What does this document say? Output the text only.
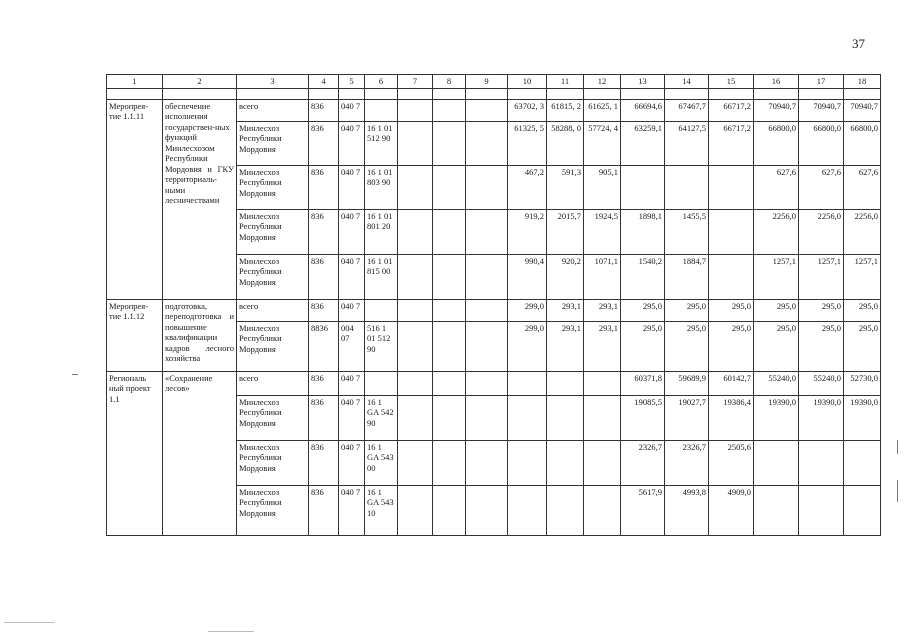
37
1	2	3	4	5	6	7	8	9	10	11	12	13	14	15	16	17	18

Меропрея-тие 1.1.11	обеспечение исполнения государствен-ных функций Минлесхозом Республики Мордовия и ГКУ территориаль-ными лесничествами	всего	836	040 7					63702, 3	61815, 2	61625, 1	66694,6	67467,7	66717,2	70940,7	70940,7	70940,7
		Минлесхоз Республики Мордовия	836	040 7	16 1 01 512 90				61325, 5	58288, 0	57724, 4	63259,1	64127,5	66717,2	66800,0	66800,0	66800,0
		Минлесхоз Республики Мордовия	836	040 7	16 1 01 803 90				467,2	591,3	905,1				627,6	627,6	627,6
		Минлесхоз Республики Мордовия	836	040 7	16 1 01 801 20				919,2	2015,7	1924,5	1898,1	1455,5		2256,0	2256,0	2256,0
		Минлесхоз Республики Мордовия	836	040 7	16 1 01 815 00				990,4	920,2	1071,1	1540,2	1884,7		1257,1	1257,1	1257,1
Меропрея-тие 1.1.12	подготовка, переподготовка и повышение квалификации кадров лесного хозяйства	всего	836	040 7					299,0	293,1	293,1	295,0	295,0	295,0	295,0	295,0	295,0
		Минлесхоз Республики Мордовия	8836	004 07	516 1 01 512 90				299,0	293,1	293,1	295,0	295,0	295,0	295,0	295,0	295,0
Региональ ный проект 1.1	«Сохранение лесов»	всего	836	040 7								60371,8	59689,9	60142,7	55240,0	55240,0	52730,0
		Минлесхоз Республики Мордовия	836	040 7	16 1 GA 542 90							19085,5	19027,7	19386,4	19390,0	19390,0	19390,0
		Минлесхоз Республики Мордовия	836	040 7	16 1 GA 543 00							2326,7	2326,7	2505,6			
		Минлесхоз Республики Мордовия	836	040 7	16 1 GA 543 10							5617,9	4993,8	4909,0			
